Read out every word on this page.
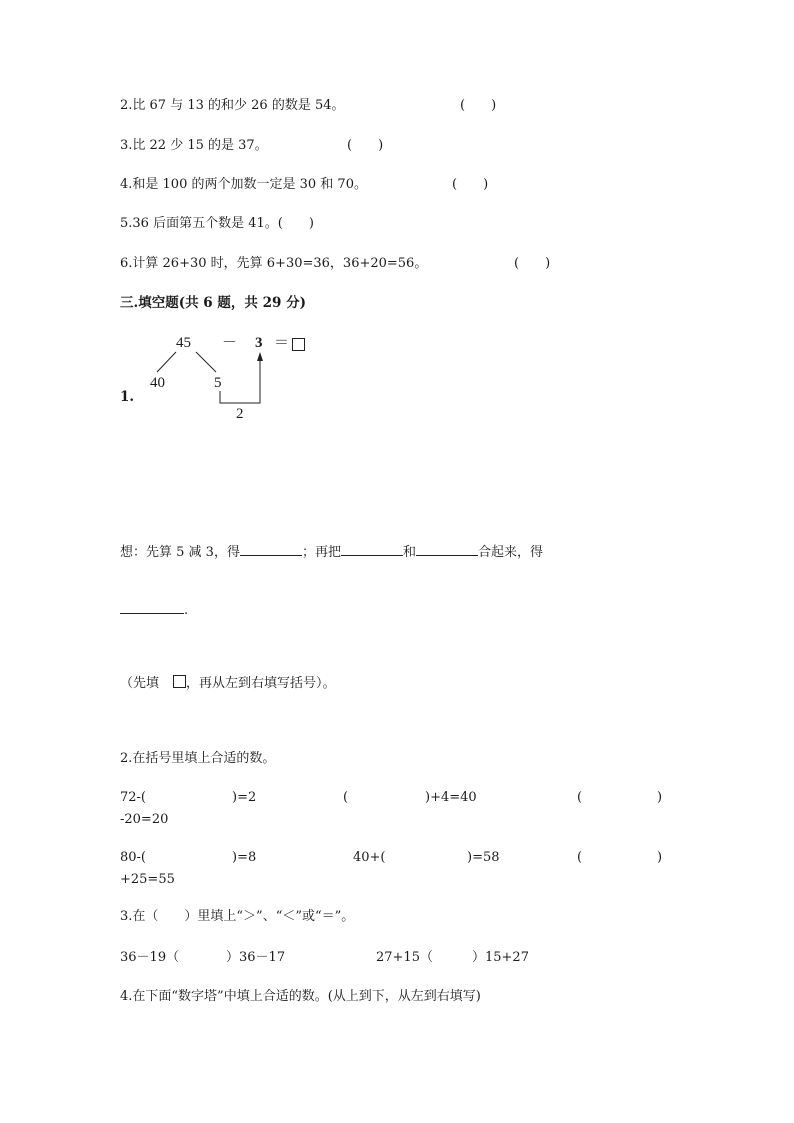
2.比 67 与 13 的和少 26 的数是 54。	(　　)
3.比 22 少 15 的是 37。	(　　)
4.和是 100 的两个加数一定是 30 和 70。	(　　)
5.36 后面第五个数是 41。(　　)
6.计算 26+30 时，先算 6+30=36，36+20=56。	(　　)
三.填空题(共 6 题，共 29 分)
45 － 3 ＝
40	5
2
1.
想：先算 5 减 3，得	；再把	和	合起来，得
.
（先填 ，再从左到右填写括号）。
2.在括号里填上合适的数。
72-(	)=2	(	)+4=40	(	)
-20=20
80-(	)=8	40+(	)=58	(	)
+25=55
3.在（　　）里填上“＞”、“＜”或“＝”。
36－19（	）36－17	27+15（	）15+27
4.在下面“数字塔”中填上合适的数。(从上到下，从左到右填写)
